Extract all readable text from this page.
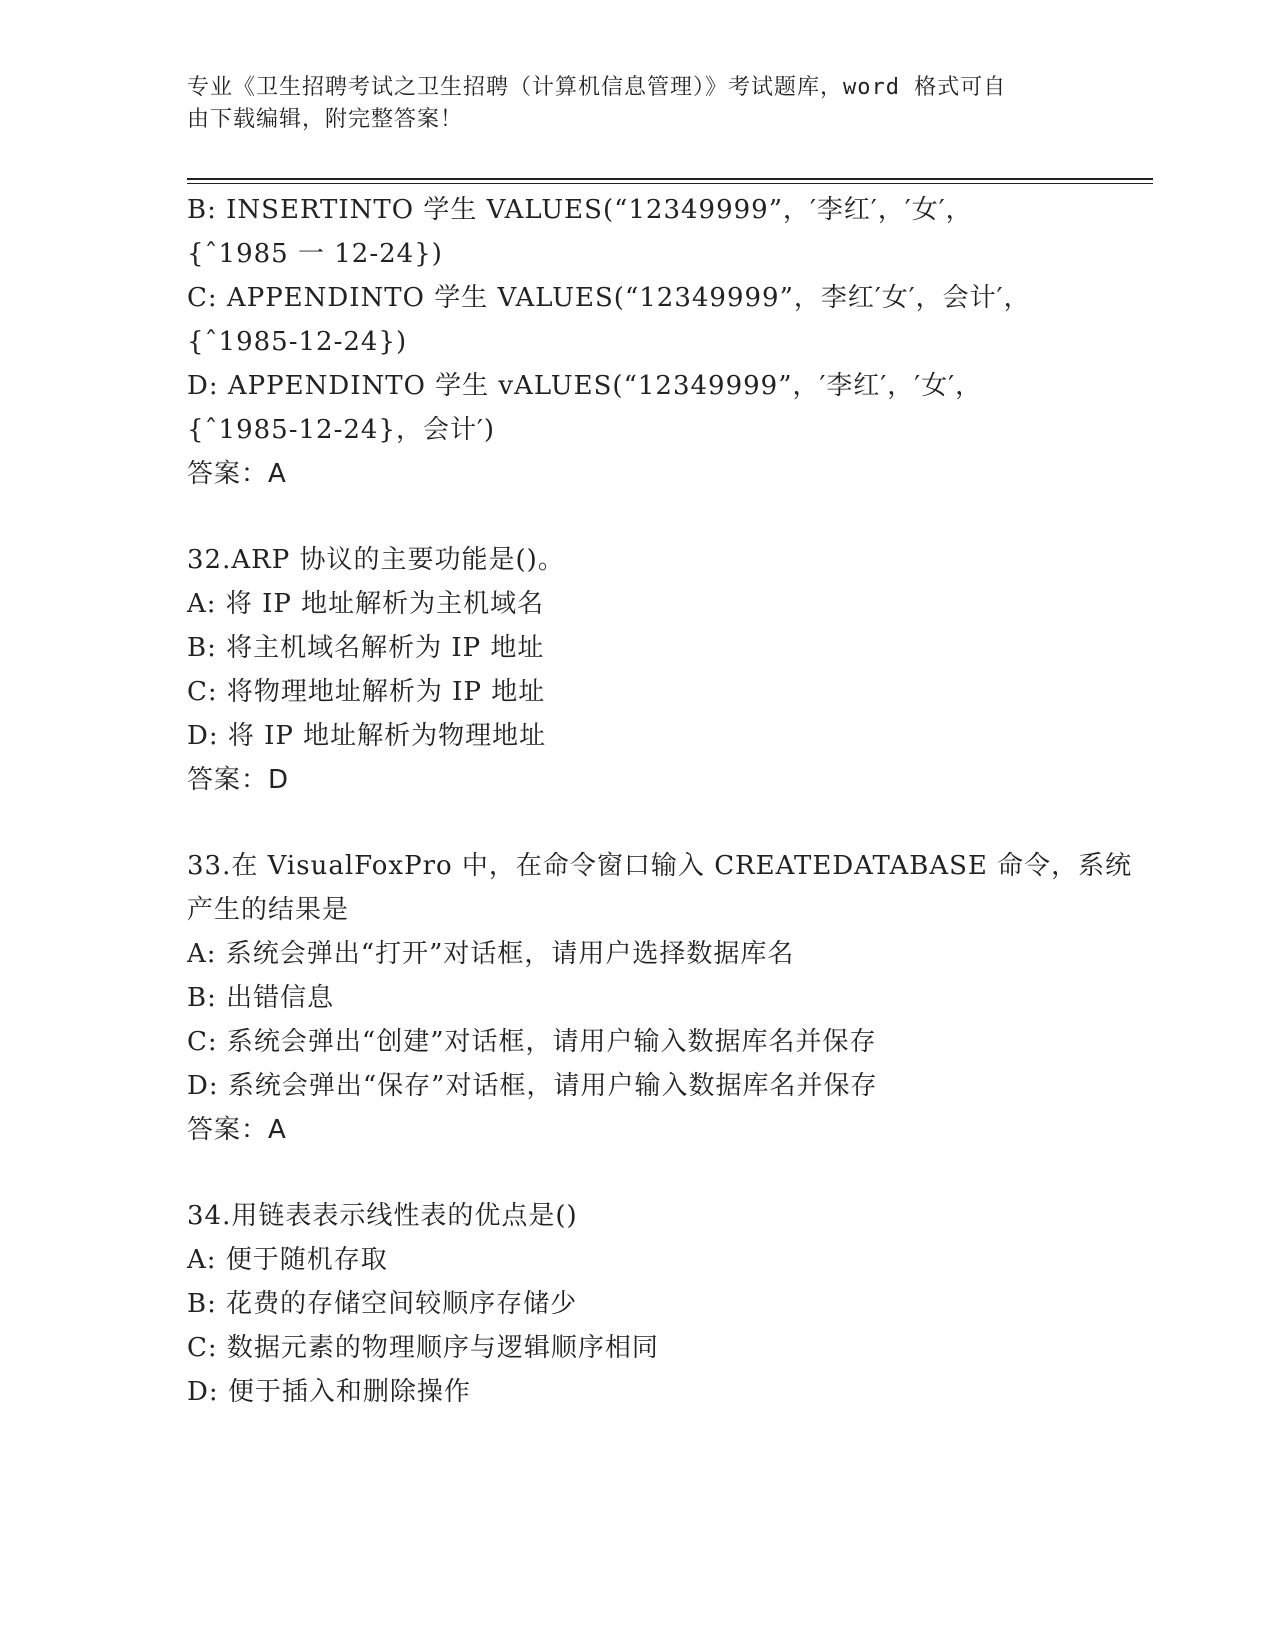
专业《卫生招聘考试之卫生招聘（计算机信息管理）》考试题库，word 格式可自
由下载编辑，附完整答案！
B: INSERTINTO 学生 VALUES(“12349999”，′李红′，′女′，
{ˆ1985 一 12-24})
C: APPENDINTO 学生 VALUES(“12349999”，李红′女′，会计′，
{ˆ1985-12-24})
D: APPENDINTO 学生 vALUES(“12349999”，′李红′，′女′，
{ˆ1985-12-24}，会计′)
答案：A
32.ARP 协议的主要功能是()。
A: 将 IP 地址解析为主机域名
B: 将主机域名解析为 IP 地址
C: 将物理地址解析为 IP 地址
D: 将 IP 地址解析为物理地址
答案：D
33.在 VisualFoxPro 中，在命令窗口输入 CREATEDATABASE 命令，系统
产生的结果是
A: 系统会弹出“打开”对话框，请用户选择数据库名
B: 出错信息
C: 系统会弹出“创建”对话框，请用户输入数据库名并保存
D: 系统会弹出“保存”对话框，请用户输入数据库名并保存
答案：A
34.用链表表示线性表的优点是()
A: 便于随机存取
B: 花费的存储空间较顺序存储少
C: 数据元素的物理顺序与逻辑顺序相同
D: 便于插入和删除操作
